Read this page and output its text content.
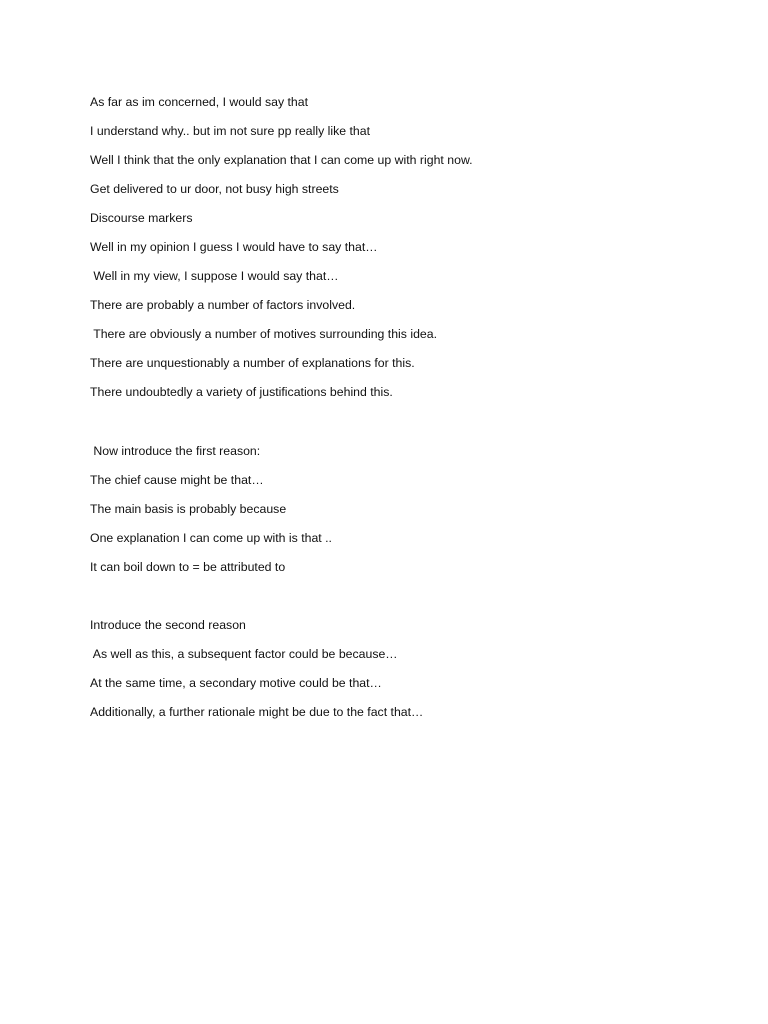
As far as im concerned, I would say that
I understand why.. but im not sure pp really like that
Well I think that the only explanation that I can come up with right now.
Get delivered to ur door, not busy high streets
Discourse markers
Well in my opinion I guess I would have to say that…
Well in my view, I suppose I would say that…
There are probably a number of factors involved.
There are obviously a number of motives surrounding this idea.
There are unquestionably a number of explanations for this.
There undoubtedly a variety of justifications behind this.
Now introduce the first reason:
The chief cause might be that…
The main basis is probably because
One explanation I can come up with is that ..
It can boil down to = be attributed to
Introduce the second reason
As well as this, a subsequent factor could be because…
At the same time, a secondary motive could be that…
Additionally, a further rationale might be due to the fact that…
